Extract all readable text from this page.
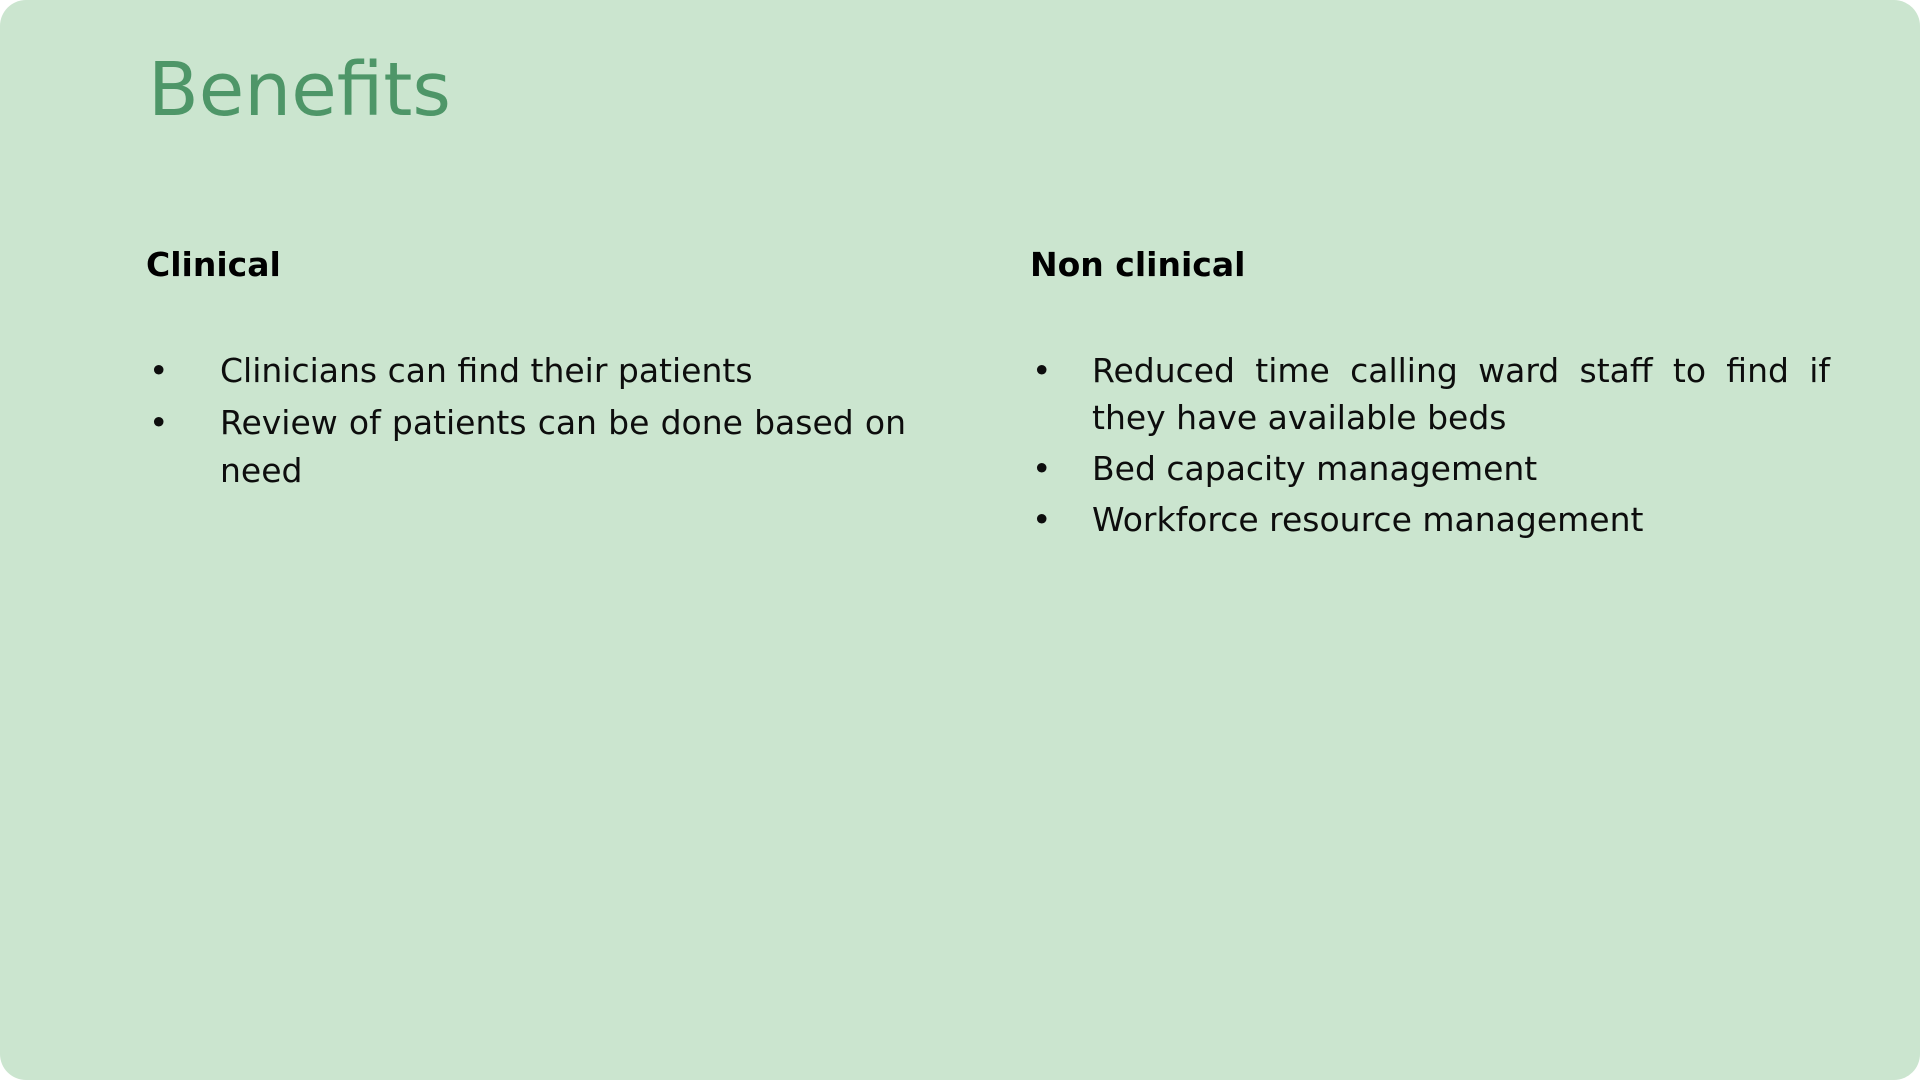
Benefits
Clinical
• Clinicians can find their patients
• Review of patients can be done based on need
Non clinical
• Reduced time calling ward staff to find if they have available beds
• Bed capacity management
• Workforce resource management
